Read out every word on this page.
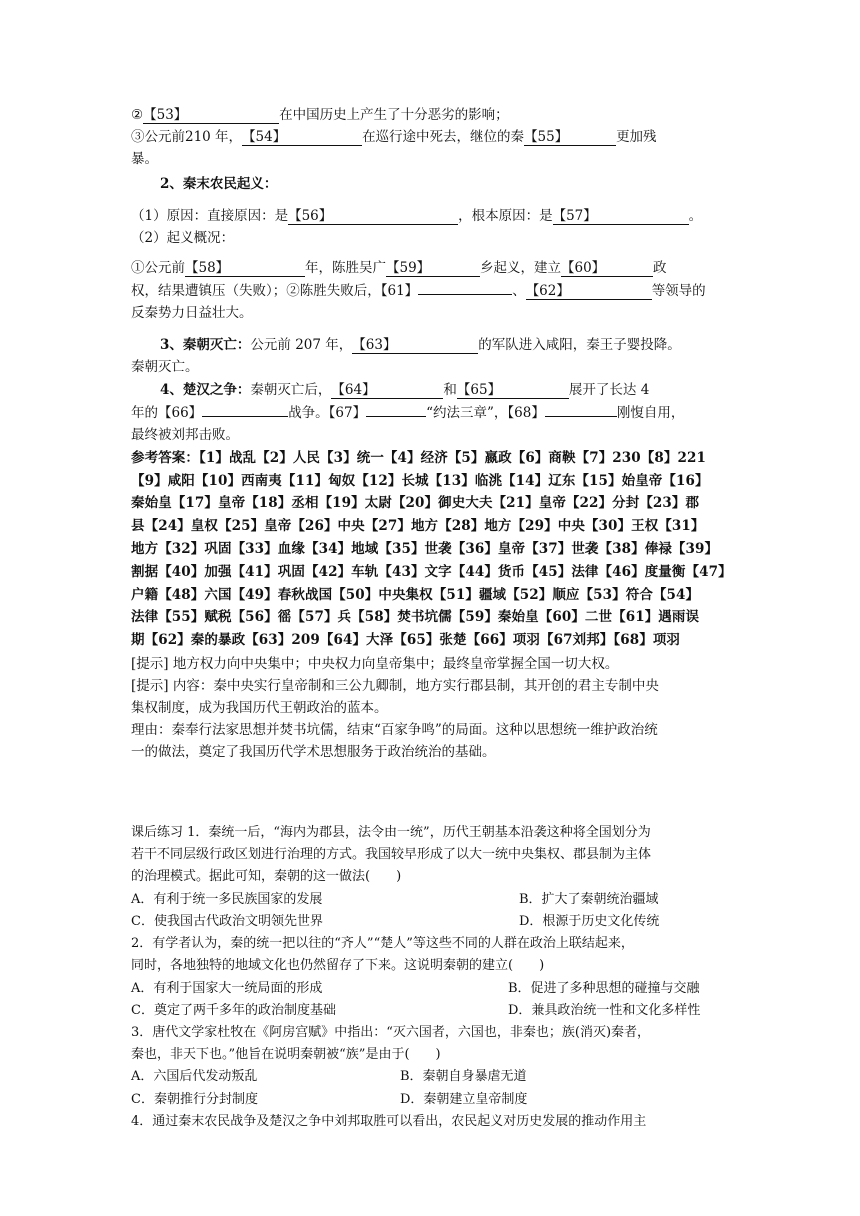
②【53】	在中国历史上产生了十分恶劣的影响；
③公元前210 年，【54】	在巡行途中死去，继位的秦【55】	更加残
暴。
2、秦末农民起义：
（1）原因：直接原因：是【56】	，根本原因：是【57】	。
（2）起义概况：
①公元前【58】	年，陈胜吴广【59】	乡起义，建立【60】	政
权，结果遭镇压（失败）；②陈胜失败后，【61】	、【62】	等领导的
反秦势力日益壮大。
3、秦朝灭亡：公元前 207 年，【63】	的军队进入咸阳，秦王子婴投降。
秦朝灭亡。
4、楚汉之争：秦朝灭亡后，【64】	和【65】	展开了长达 4
年的【66】	战争。【67】	“约法三章”，【68】	刚愎自用，
最终被刘邦击败。
参考答案：【1】战乱【2】人民【3】统一【4】经济【5】嬴政【6】商鞅【7】230【8】221
【9】咸阳【10】西南夷【11】匈奴【12】长城【13】临洮【14】辽东【15】始皇帝【16】
秦始皇【17】皇帝【18】丞相【19】太尉【20】御史大夫【21】皇帝【22】分封【23】郡
县【24】皇权【25】皇帝【26】中央【27】地方【28】地方【29】中央【30】王权【31】
地方【32】巩固【33】血缘【34】地域【35】世袭【36】皇帝【37】世袭【38】俸禄【39】
割据【40】加强【41】巩固【42】车轨【43】文字【44】货币【45】法律【46】度量衡【47】
户籍【48】六国【49】春秋战国【50】中央集权【51】疆域【52】顺应【53】符合【54】
法律【55】赋税【56】徭【57】兵【58】焚书坑儒【59】秦始皇【60】二世【61】遇雨误
期【62】秦的暴政【63】209【64】大泽【65】张楚【66】项羽【67刘邦】【68】项羽
[提示] 地方权力向中央集中；中央权力向皇帝集中；最终皇帝掌握全国一切大权。
[提示] 内容：秦中央实行皇帝制和三公九卿制，地方实行郡县制，其开创的君主专制中央
集权制度，成为我国历代王朝政治的蓝本。
理由：秦奉行法家思想并焚书坑儒，结束“百家争鸣”的局面。这种以思想统一维护政治统
一的做法，奠定了我国历代学术思想服务于政治统治的基础。
课后练习 1．秦统一后，“海内为郡县，法令由一统”，历代王朝基本沿袭这种将全国划分为
若干不同层级行政区划进行治理的方式。我国较早形成了以大一统中央集权、郡县制为主体
的治理模式。据此可知，秦朝的这一做法(　　)
A．有利于统一多民族国家的发展	B．扩大了秦朝统治疆域
C．使我国古代政治文明领先世界	D．根源于历史文化传统
2．有学者认为，秦的统一把以往的“齐人”“楚人”等这些不同的人群在政治上联结起来，
同时，各地独特的地域文化也仍然留存了下来。这说明秦朝的建立(　　)
A．有利于国家大一统局面的形成	B．促进了多种思想的碰撞与交融
C．奠定了两千多年的政治制度基础	D．兼具政治统一性和文化多样性
3．唐代文学家杜牧在《阿房宫赋》中指出：“灭六国者，六国也，非秦也；族(消灭)秦者，
秦也，非天下也。”他旨在说明秦朝被“族”是由于(　　)
A．六国后代发动叛乱	B．秦朝自身暴虐无道
C．秦朝推行分封制度	D．秦朝建立皇帝制度
4．通过秦末农民战争及楚汉之争中刘邦取胜可以看出，农民起义对历史发展的推动作用主
